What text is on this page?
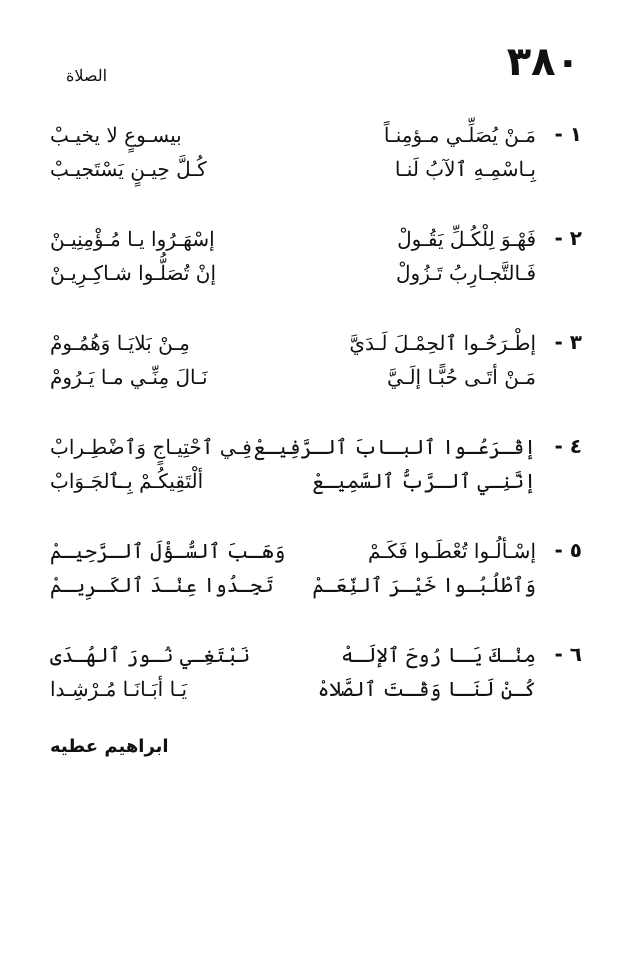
٣٨٠
الصلاة
١ -
مَـنْ يُصَلِّـي مـؤمِنـاً
بيسـوعٍ لا يخيـبْ
بِـاسْمِـهِ ٱلآبُ لَنـا
كُـلَّ حِيـنٍ يَسْتَجيـبْ
٢ -
فَهْـوَ لِلْكُـلِّ يَقُـولْ
إسْهَـرُوا يـا مُـؤْمِنِيـنْ
فَـالتَّجـارِبُ تَـزُولْ
إنْ تُصَلُّـوا شـاكِـرِيـنْ
٣ -
إطْـرَحُـوا ٱلحِمْـلَ لَـدَيَّ
مِـنْ بَلايَـا وَهُمُـومْ
مَـنْ أتَـى حُبًّـا إلَـيَّ
نَـالَ مِنِّـي مـا يَـرُومْ
٤ -
إقْـرَعُـوا ٱلبـابَ ٱلـرَّفِيـعْ
فِـي ٱحْتِيـاجٍ وَٱضْطِـرابْ
إنَّنِـي ٱلـرَّبُّ ٱلسَّمِيـعْ
ألْتَقِيكُـمْ بِـٱلجَـوَابْ
٥ -
إسْـألُـوا تُعْطَـوا فَكَـمْ
وَهَـبَ ٱلسُّـؤْلَ ٱلـرَّحِيـمْ
وَٱطْلُبُـوا خَيْـرَ ٱلنِّعَـمْ
تَجِـدُوا عِنْـدَ ٱلكَـرِيـمْ
٦ -
مِنْـكَ يَـا رُوحَ ٱلإلَـهْ
نَبْتَغِـي نُـورَ ٱلهُـدَى
كُـنْ لَنَـا وَقْـتَ ٱلصَّلاهْ
يَـا أبَـانَـا مُـرْشِـدا
ابراهيم عطيه
